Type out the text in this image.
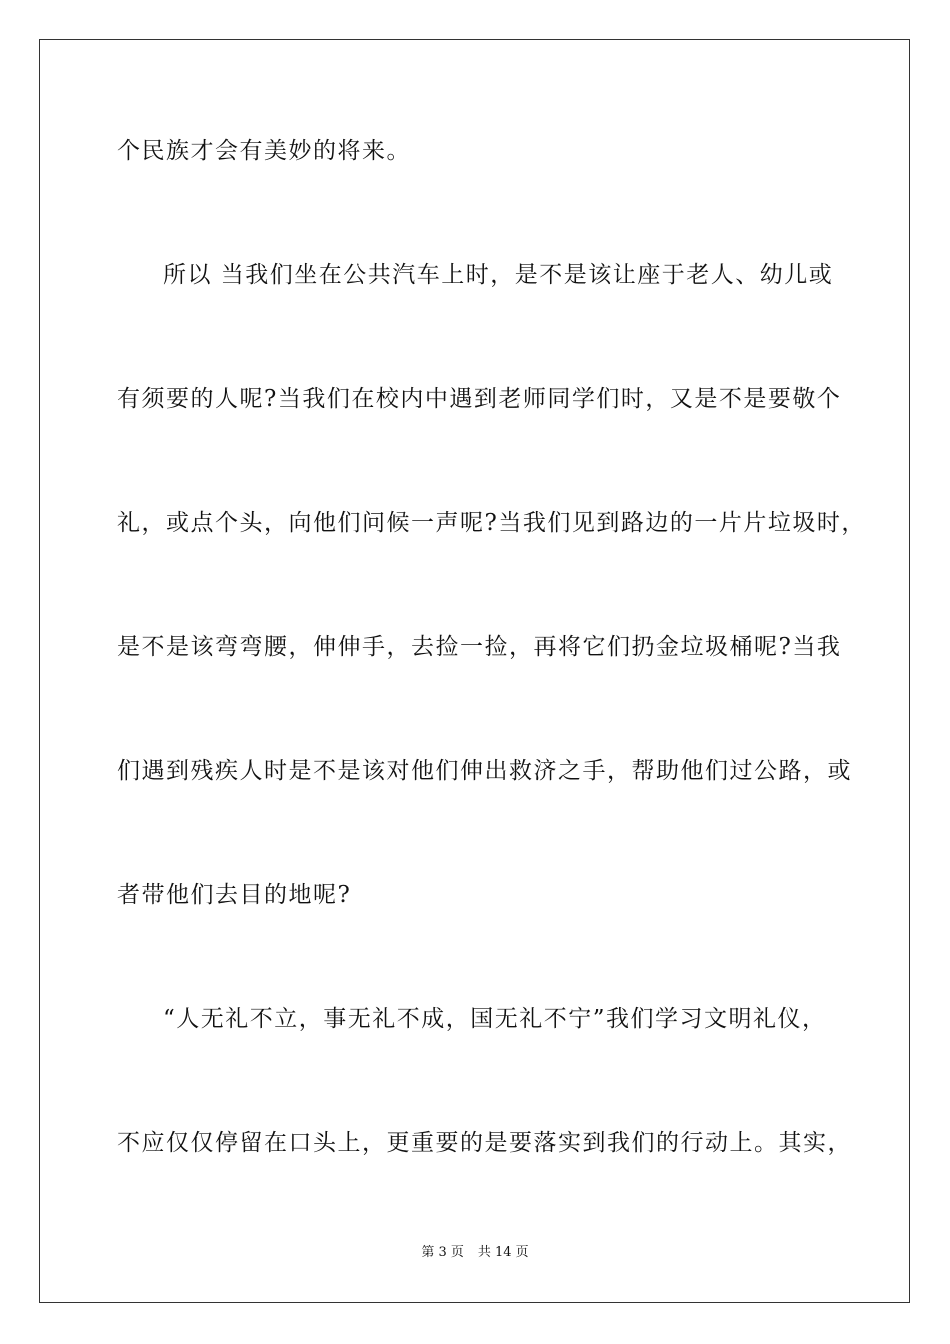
个民族才会有美妙的将来。
所以 当我们坐在公共汽车上时，是不是该让座于老人、幼儿或
有须要的人呢?当我们在校内中遇到老师同学们时，又是不是要敬个
礼，或点个头，向他们问候一声呢?当我们见到路边的一片片垃圾时，
是不是该弯弯腰，伸伸手，去捡一捡，再将它们扔金垃圾桶呢?当我
们遇到残疾人时是不是该对他们伸出救济之手，帮助他们过公路，或
者带他们去目的地呢?
“人无礼不立，事无礼不成，国无礼不宁”我们学习文明礼仪，
不应仅仅停留在口头上，更重要的是要落实到我们的行动上。其实，
第 3 页 共 14 页
